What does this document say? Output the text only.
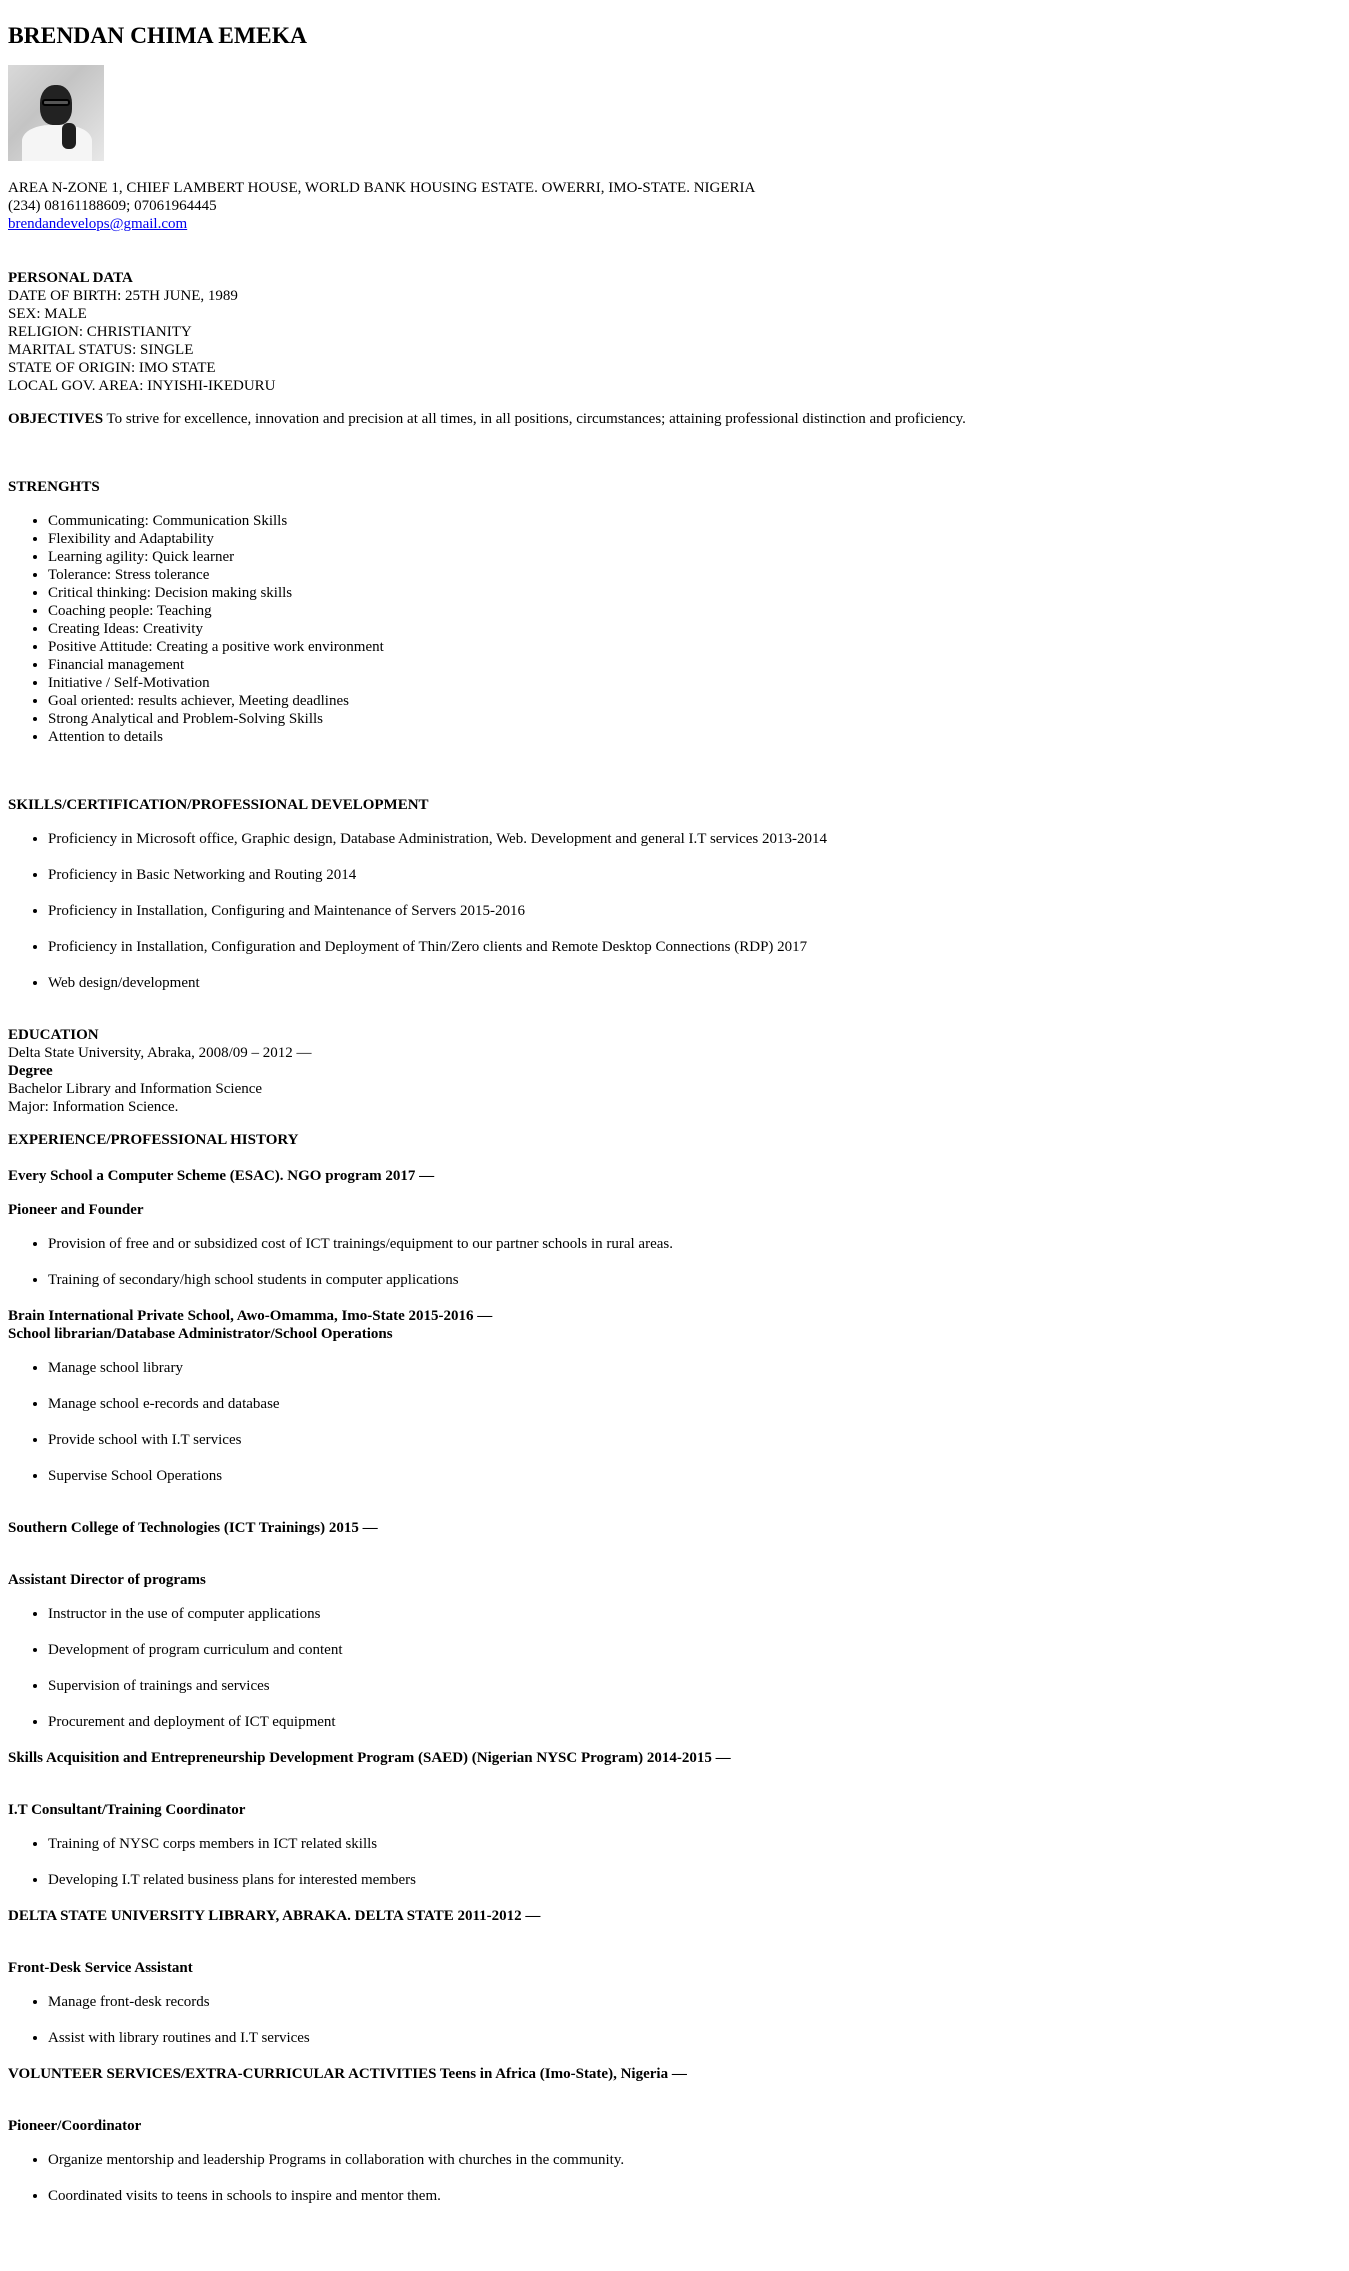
BRENDAN CHIMA EMEKA
AREA N-ZONE 1, CHIEF LAMBERT HOUSE, WORLD BANK HOUSING ESTATE. OWERRI, IMO-STATE. NIGERIA
(234) 08161188609; 07061964445
brendandevelops@gmail.com
PERSONAL DATA
DATE OF BIRTH: 25TH JUNE, 1989
SEX: MALE
RELIGION: CHRISTIANITY
MARITAL STATUS: SINGLE
STATE OF ORIGIN: IMO STATE
LOCAL GOV. AREA: INYISHI-IKEDURU

OBJECTIVES To strive for excellence, innovation and precision at all times, in all positions, circumstances; attaining professional distinction and proficiency.

STRENGHTS
• Communicating: Communication Skills
• Flexibility and Adaptability
• Learning agility: Quick learner
• Tolerance: Stress tolerance
• Critical thinking: Decision making skills
• Coaching people: Teaching
• Creating Ideas: Creativity
• Positive Attitude: Creating a positive work environment
• Financial management
• Initiative / Self-Motivation
• Goal oriented: results achiever, Meeting deadlines
• Strong Analytical and Problem-Solving Skills
• Attention to details
SKILLS/CERTIFICATION/PROFESSIONAL DEVELOPMENT
• Proficiency in Microsoft office, Graphic design, Database Administration, Web. Development and general I.T services 2013-2014
• Proficiency in Basic Networking and Routing 2014
• Proficiency in Installation, Configuring and Maintenance of Servers 2015-2016
• Proficiency in Installation, Configuration and Deployment of Thin/Zero clients and Remote Desktop Connections (RDP) 2017
• Web design/development
EDUCATION
Delta State University, Abraka, 2008/09 – 2012 —
Degree
Bachelor Library and Information Science
Major: Information Science.
EXPERIENCE/PROFESSIONAL HISTORY
Every School a Computer Scheme (ESAC). NGO program 2017 —
Pioneer and Founder
• Provision of free and or subsidized cost of ICT trainings/equipment to our partner schools in rural areas.
• Training of secondary/high school students in computer applications
Brain International Private School, Awo-Omamma, Imo-State 2015-2016 —
School librarian/Database Administrator/School Operations
• Manage school library
• Manage school e-records and database
• Provide school with I.T services
• Supervise School Operations
Southern College of Technologies (ICT Trainings) 2015 —
Assistant Director of programs
• Instructor in the use of computer applications
• Development of program curriculum and content
• Supervision of trainings and services
• Procurement and deployment of ICT equipment
Skills Acquisition and Entrepreneurship Development Program (SAED) (Nigerian NYSC Program) 2014-2015 —
I.T Consultant/Training Coordinator
• Training of NYSC corps members in ICT related skills
• Developing I.T related business plans for interested members
DELTA STATE UNIVERSITY LIBRARY, ABRAKA. DELTA STATE 2011-2012 —
Front-Desk Service Assistant
• Manage front-desk records
• Assist with library routines and I.T services
VOLUNTEER SERVICES/EXTRA-CURRICULAR ACTIVITIES Teens in Africa (Imo-State), Nigeria —
Pioneer/Coordinator
• Organize mentorship and leadership Programs in collaboration with churches in the community.
• Coordinated visits to teens in schools to inspire and mentor them.
